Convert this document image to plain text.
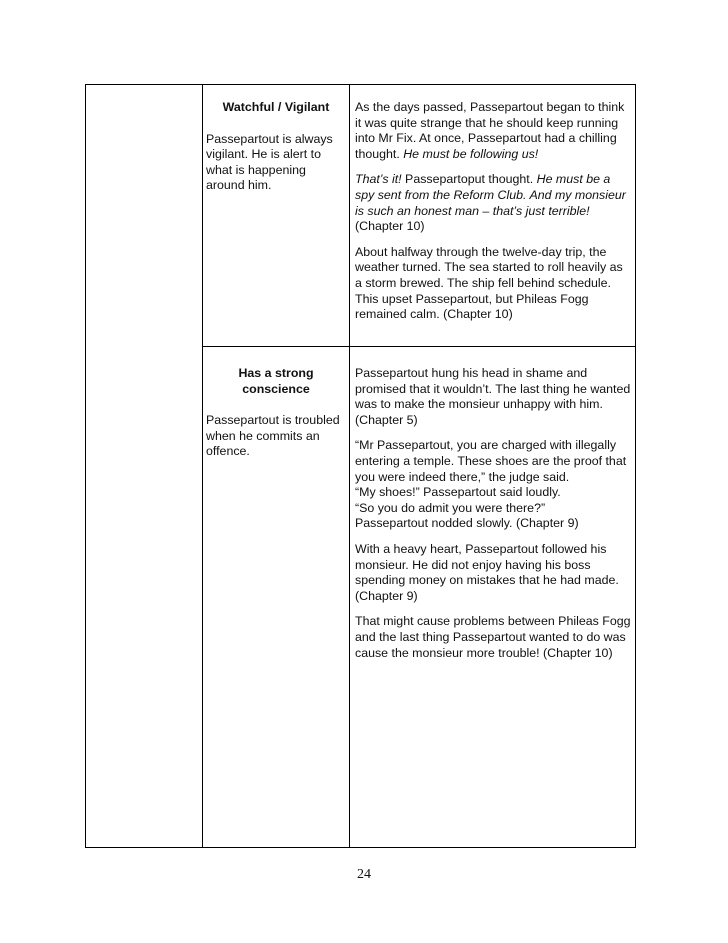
Watchful / Vigilant
Passepartout is always vigilant. He is alert to what is happening around him.

As the days passed, Passepartout began to think it was quite strange that he should keep running into Mr Fix. At once, Passepartout had a chilling thought. He must be following us!

That’s it! Passepartoput thought. He must be a spy sent from the Reform Club. And my monsieur is such an honest man – that’s just terrible! (Chapter 10)

About halfway through the twelve-day trip, the weather turned. The sea started to roll heavily as a storm brewed. The ship fell behind schedule. This upset Passepartout, but Phileas Fogg remained calm. (Chapter 10)

Has a strong conscience
Passepartout is troubled when he commits an offence.

Passepartout hung his head in shame and promised that it wouldn’t. The last thing he wanted was to make the monsieur unhappy with him. (Chapter 5)

“Mr Passepartout, you are charged with illegally entering a temple. These shoes are the proof that you were indeed there,” the judge said.
“My shoes!” Passepartout said loudly.
“So you do admit you were there?”
Passepartout nodded slowly. (Chapter 9)

With a heavy heart, Passepartout followed his monsieur. He did not enjoy having his boss spending money on mistakes that he had made. (Chapter 9)

That might cause problems between Phileas Fogg and the last thing Passepartout wanted to do was cause the monsieur more trouble! (Chapter 10)

24
